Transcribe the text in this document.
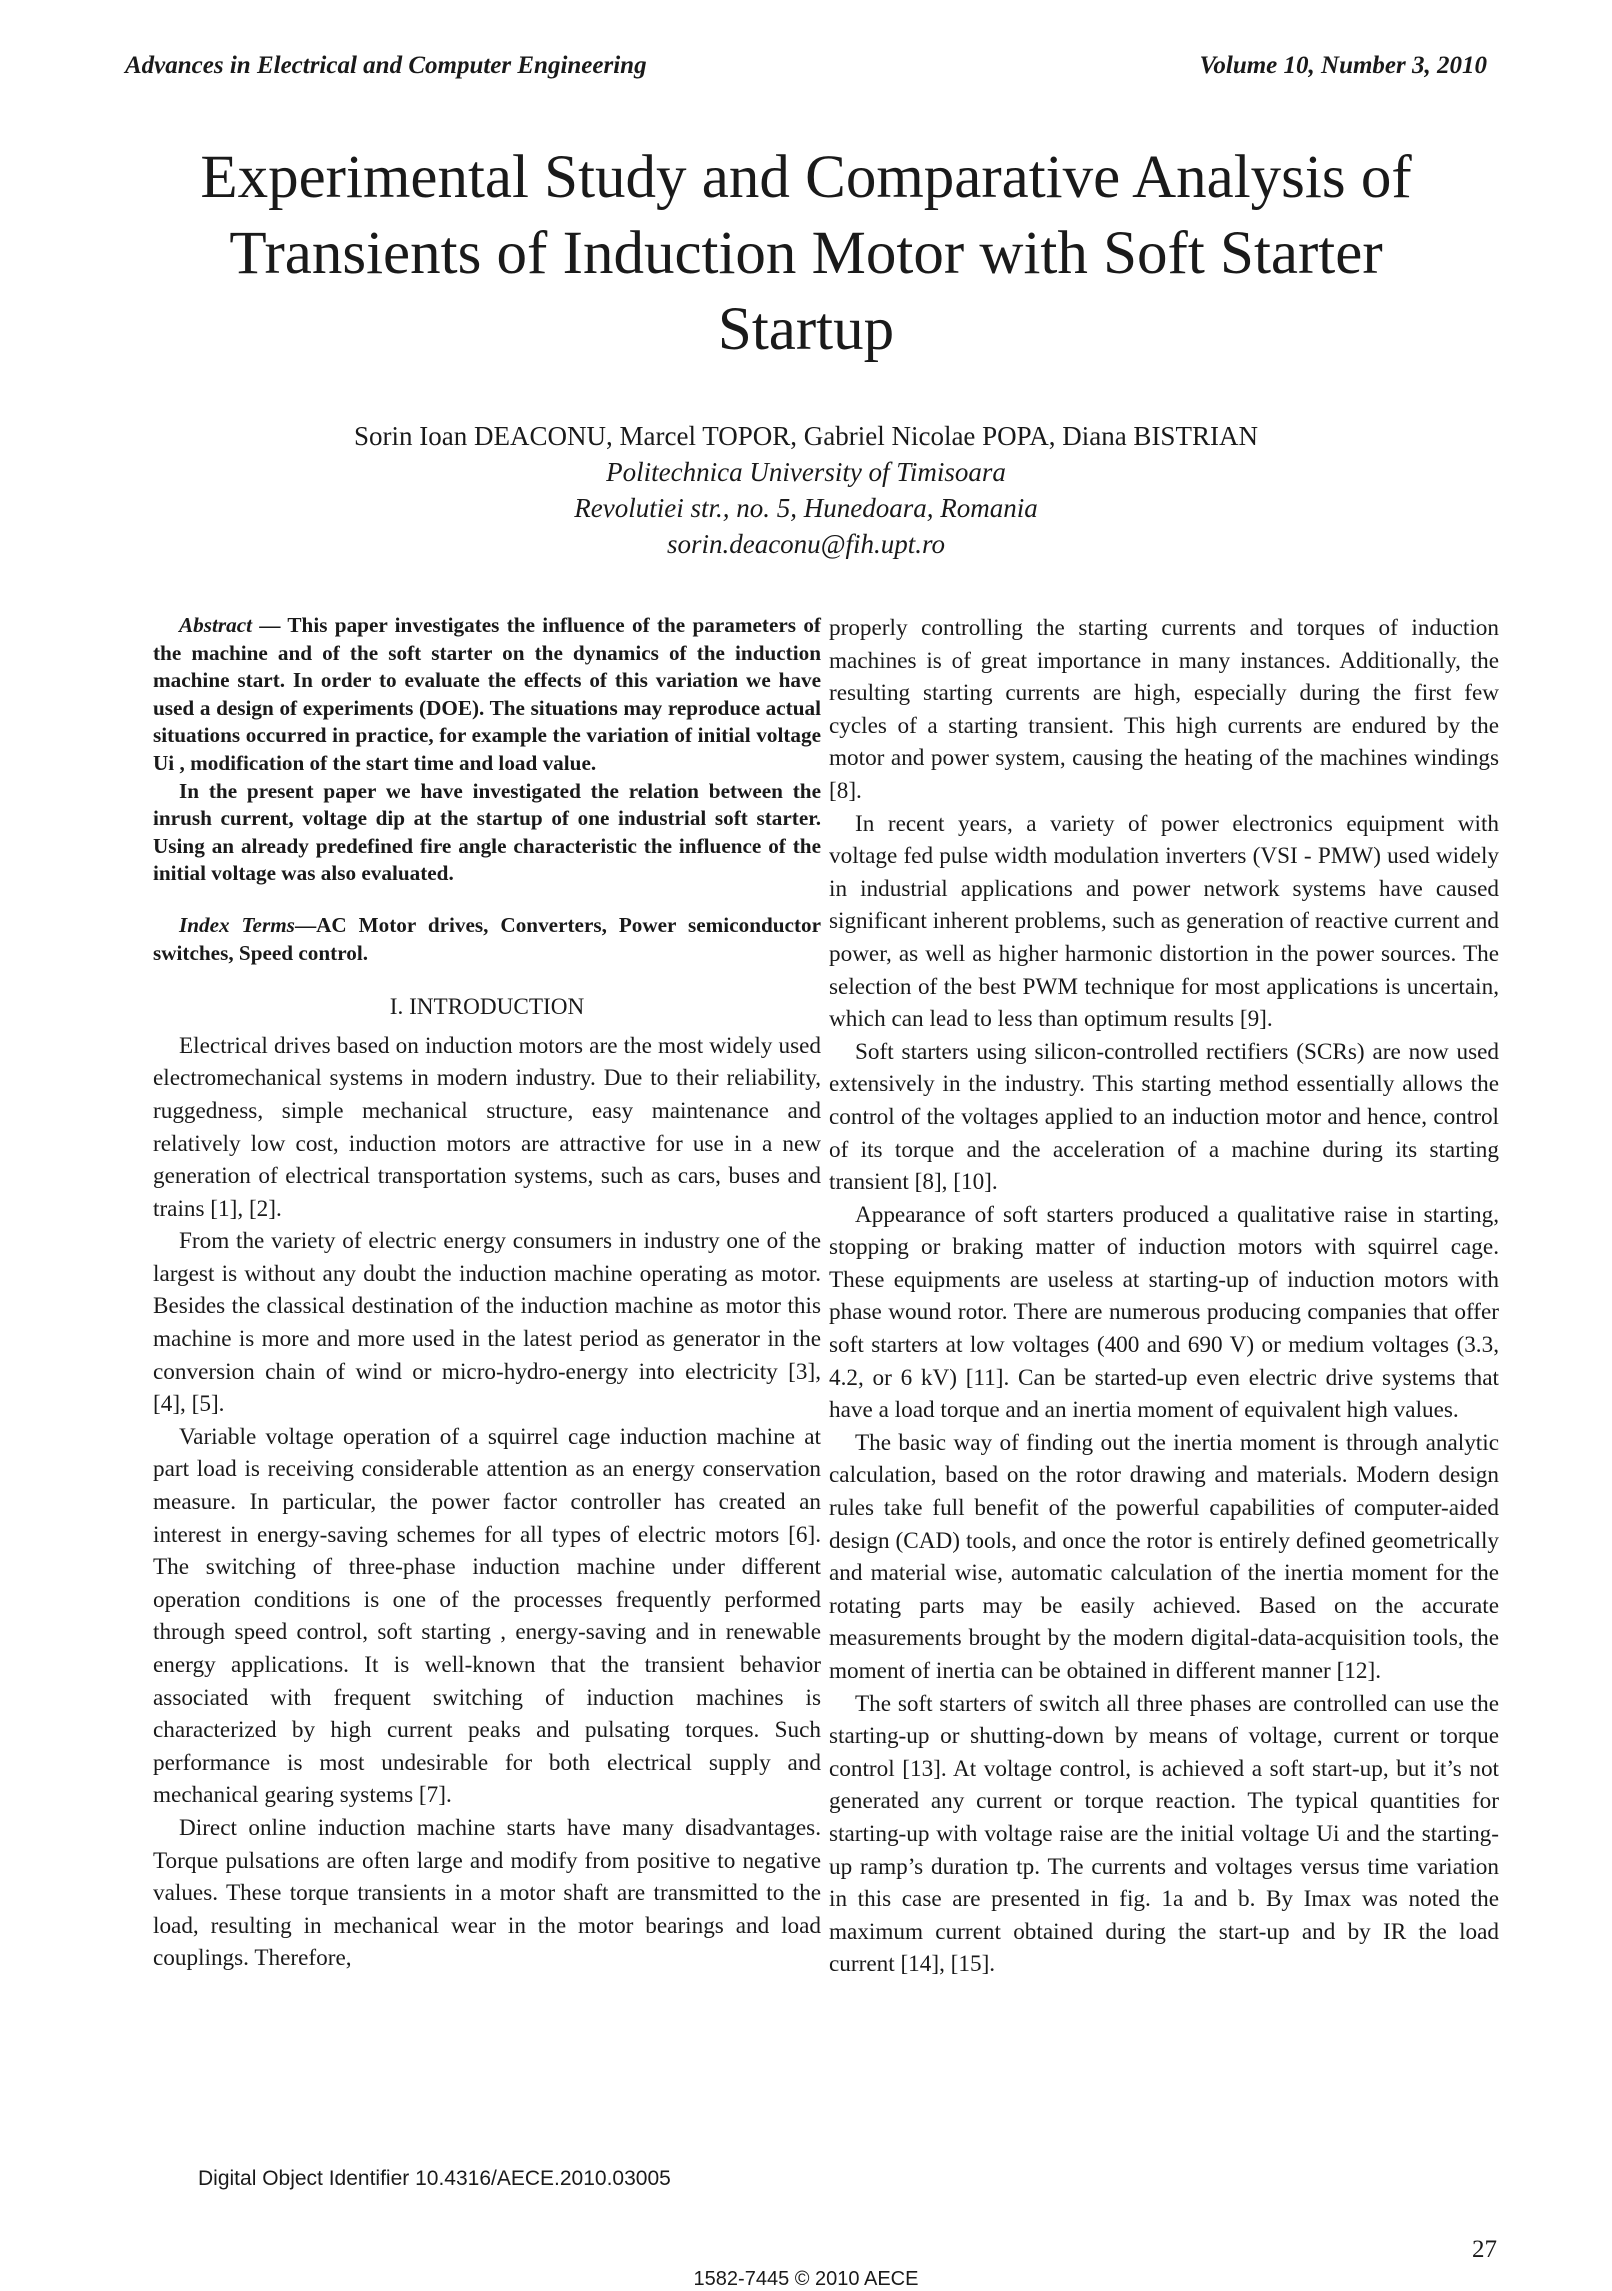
Advances in Electrical and Computer Engineering	Volume 10, Number 3, 2010
Experimental Study and Comparative Analysis of Transients of Induction Motor with Soft Starter Startup
Sorin Ioan DEACONU, Marcel TOPOR, Gabriel Nicolae POPA, Diana BISTRIAN
Politechnica University of Timisoara
Revolutiei str., no. 5, Hunedoara, Romania
sorin.deaconu@fih.upt.ro

Abstract — This paper investigates the influence of the parameters of the machine and of the soft starter on the dynamics of the induction machine start. In order to evaluate the effects of this variation we have used a design of experiments (DOE). The situations may reproduce actual situations occurred in practice, for example the variation of initial voltage Ui , modification of the start time and load value.

In the present paper we have investigated the relation between the inrush current, voltage dip at the startup of one industrial soft starter. Using an already predefined fire angle characteristic the influence of the initial voltage was also evaluated.

Index Terms—AC Motor drives, Converters, Power semiconductor switches, Speed control.

I. INTRODUCTION

Electrical drives based on induction motors are the most widely used electromechanical systems in modern industry. Due to their reliability, ruggedness, simple mechanical structure, easy maintenance and relatively low cost, induction motors are attractive for use in a new generation of electrical transportation systems, such as cars, buses and trains [1], [2].

From the variety of electric energy consumers in industry one of the largest is without any doubt the induction machine operating as motor. Besides the classical destination of the induction machine as motor this machine is more and more used in the latest period as generator in the conversion chain of wind or micro-hydro-energy into electricity [3], [4], [5].

Variable voltage operation of a squirrel cage induction machine at part load is receiving considerable attention as an energy conservation measure. In particular, the power factor controller has created an interest in energy-saving schemes for all types of electric motors [6]. The switching of three-phase induction machine under different operation conditions is one of the processes frequently performed through speed control, soft starting , energy-saving and in renewable energy applications. It is well-known that the transient behavior associated with frequent switching of induction machines is characterized by high current peaks and pulsating torques. Such performance is most undesirable for both electrical supply and mechanical gearing systems [7].

Direct online induction machine starts have many disadvantages. Torque pulsations are often large and modify from positive to negative values. These torque transients in a motor shaft are transmitted to the load, resulting in mechanical wear in the motor bearings and load couplings. Therefore,

properly controlling the starting currents and torques of induction machines is of great importance in many instances. Additionally, the resulting starting currents are high, especially during the first few cycles of a starting transient. This high currents are endured by the motor and power system, causing the heating of the machines windings [8].

In recent years, a variety of power electronics equipment with voltage fed pulse width modulation inverters (VSI - PMW) used widely in industrial applications and power network systems have caused significant inherent problems, such as generation of reactive current and power, as well as higher harmonic distortion in the power sources. The selection of the best PWM technique for most applications is uncertain, which can lead to less than optimum results [9].

Soft starters using silicon-controlled rectifiers (SCRs) are now used extensively in the industry. This starting method essentially allows the control of the voltages applied to an induction motor and hence, control of its torque and the acceleration of a machine during its starting transient [8], [10].

Appearance of soft starters produced a qualitative raise in starting, stopping or braking matter of induction motors with squirrel cage. These equipments are useless at starting-up of induction motors with phase wound rotor. There are numerous producing companies that offer soft starters at low voltages (400 and 690 V) or medium voltages (3.3, 4.2, or 6 kV) [11]. Can be started-up even electric drive systems that have a load torque and an inertia moment of equivalent high values.

The basic way of finding out the inertia moment is through analytic calculation, based on the rotor drawing and materials. Modern design rules take full benefit of the powerful capabilities of computer-aided design (CAD) tools, and once the rotor is entirely defined geometrically and material wise, automatic calculation of the inertia moment for the rotating parts may be easily achieved. Based on the accurate measurements brought by the modern digital-data-acquisition tools, the moment of inertia can be obtained in different manner [12].

The soft starters of switch all three phases are controlled can use the starting-up or shutting-down by means of voltage, current or torque control [13]. At voltage control, is achieved a soft start-up, but it’s not generated any current or torque reaction. The typical quantities for starting-up with voltage raise are the initial voltage Ui and the starting-up ramp’s duration tp. The currents and voltages versus time variation in this case are presented in fig. 1a and b. By Imax was noted the maximum current obtained during the start-up and by IR the load current [14], [15].

Digital Object Identifier 10.4316/AECE.2010.03005
27
1582-7445 © 2010 AECE
